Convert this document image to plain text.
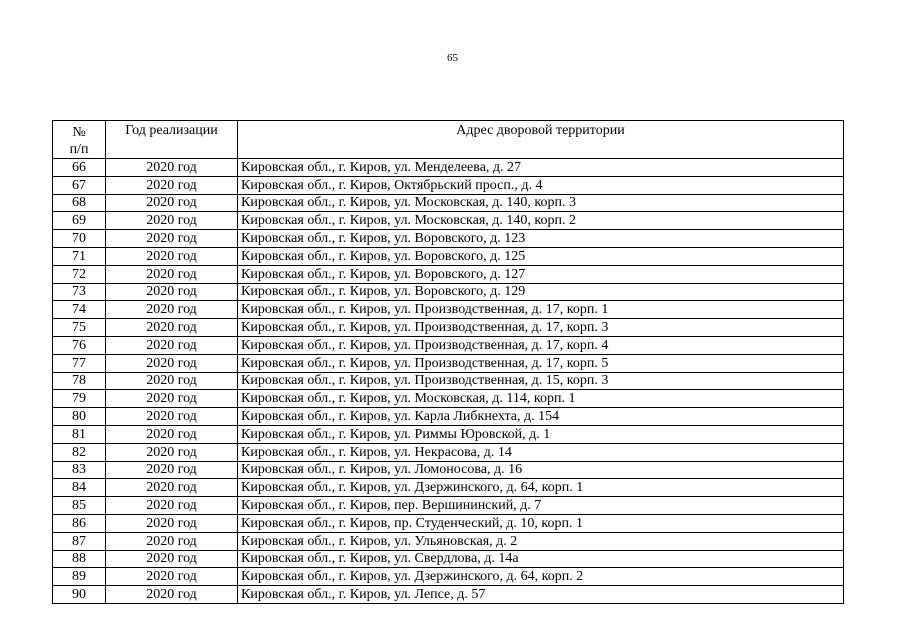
65
№
п/п	Год реализации	Адрес дворовой территории
66	2020 год	Кировская обл., г. Киров, ул. Менделеева, д. 27
67	2020 год	Кировская обл., г. Киров, Октябрьский просп., д. 4
68	2020 год	Кировская обл., г. Киров, ул. Московская, д. 140, корп. 3
69	2020 год	Кировская обл., г. Киров, ул. Московская, д. 140, корп. 2
70	2020 год	Кировская обл., г. Киров, ул. Воровского, д. 123
71	2020 год	Кировская обл., г. Киров, ул. Воровского, д. 125
72	2020 год	Кировская обл., г. Киров, ул. Воровского, д. 127
73	2020 год	Кировская обл., г. Киров, ул. Воровского, д. 129
74	2020 год	Кировская обл., г. Киров, ул. Производственная, д. 17, корп. 1
75	2020 год	Кировская обл., г. Киров, ул. Производственная, д. 17, корп. 3
76	2020 год	Кировская обл., г. Киров, ул. Производственная, д. 17, корп. 4
77	2020 год	Кировская обл., г. Киров, ул. Производственная, д. 17, корп. 5
78	2020 год	Кировская обл., г. Киров, ул. Производственная, д. 15, корп. 3
79	2020 год	Кировская обл., г. Киров, ул. Московская, д. 114, корп. 1
80	2020 год	Кировская обл., г. Киров, ул. Карла Либкнехта, д. 154
81	2020 год	Кировская обл., г. Киров, ул. Риммы Юровской, д. 1
82	2020 год	Кировская обл., г. Киров, ул. Некрасова, д. 14
83	2020 год	Кировская обл., г. Киров, ул. Ломоносова, д. 16
84	2020 год	Кировская обл., г. Киров, ул. Дзержинского, д. 64, корп. 1
85	2020 год	Кировская обл., г. Киров, пер. Вершининский, д. 7
86	2020 год	Кировская обл., г. Киров, пр. Студенческий, д. 10, корп. 1
87	2020 год	Кировская обл., г. Киров, ул. Ульяновская, д. 2
88	2020 год	Кировская обл., г. Киров, ул. Свердлова, д. 14а
89	2020 год	Кировская обл., г. Киров, ул. Дзержинского, д. 64, корп. 2
90	2020 год	Кировская обл., г. Киров, ул. Лепсе, д. 57
